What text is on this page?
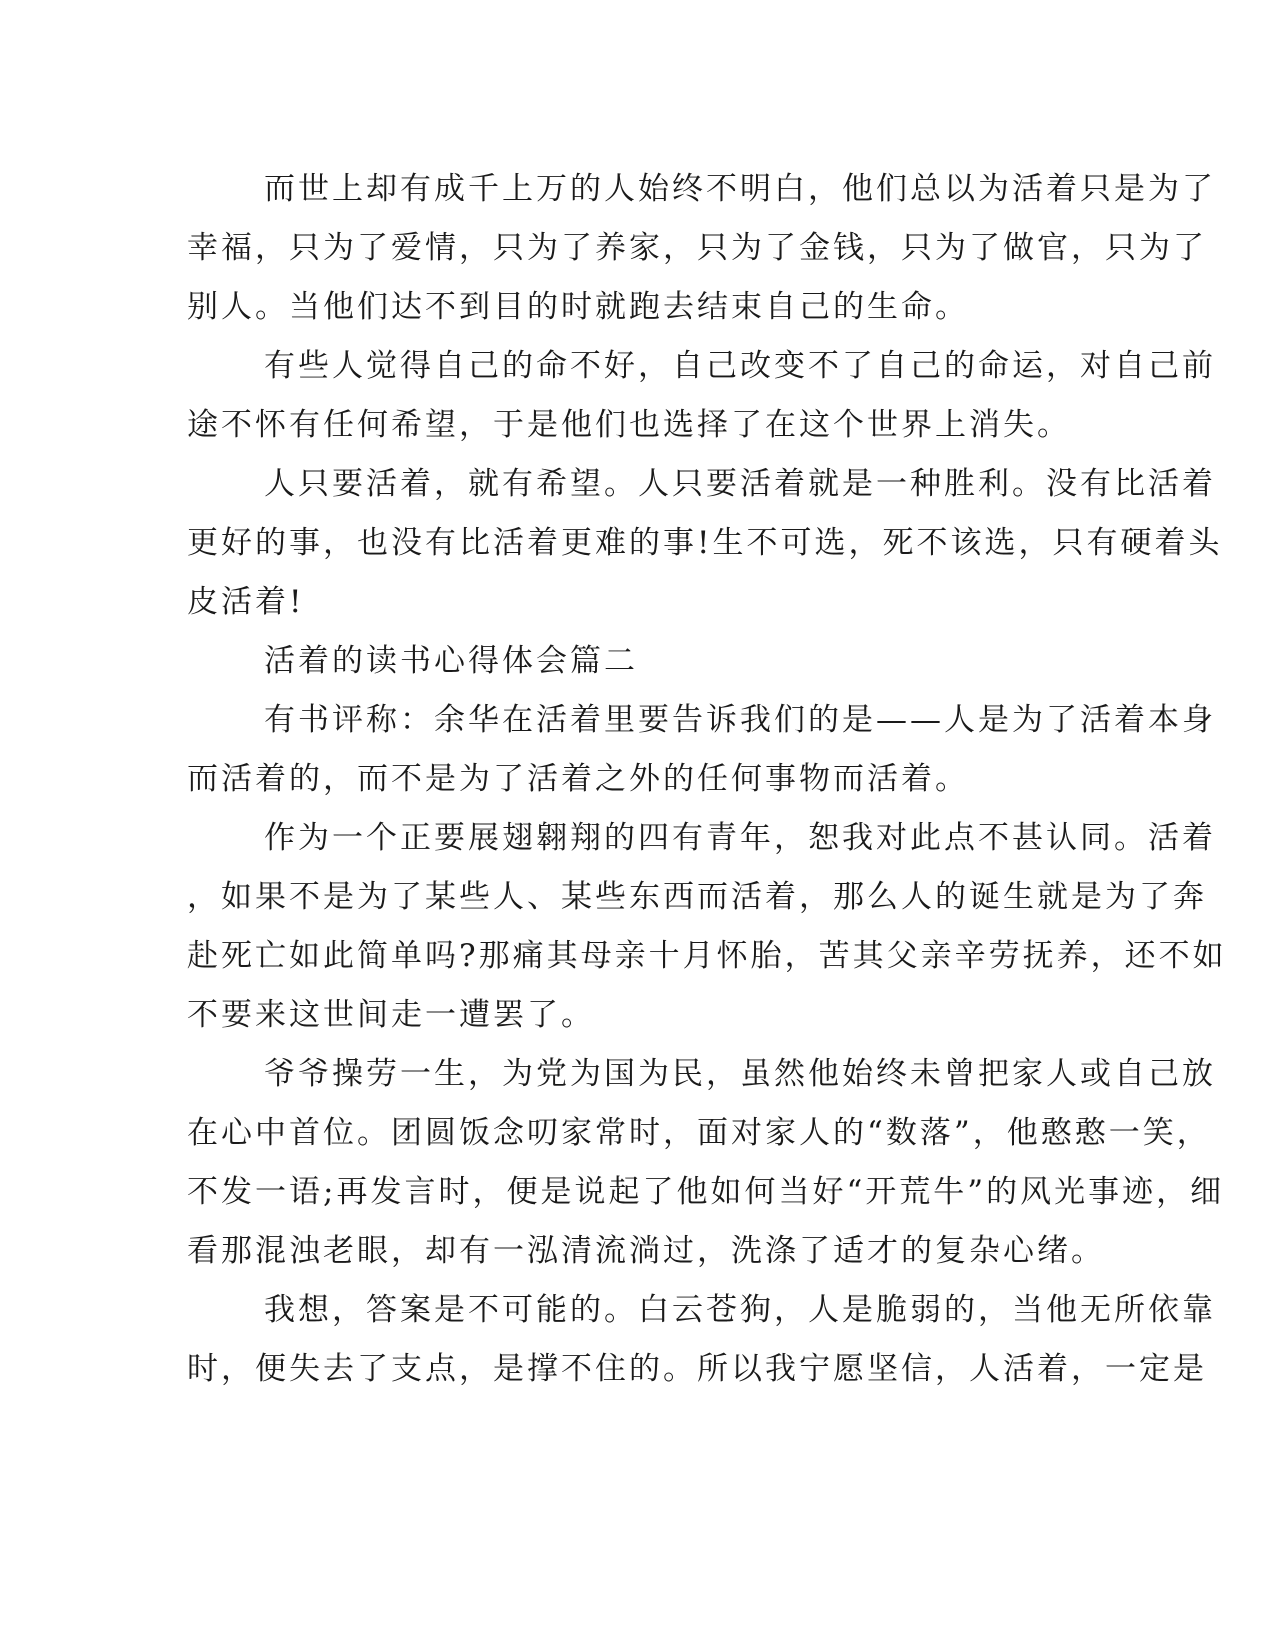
而世上却有成千上万的人始终不明白，他们总以为活着只是为了
幸福，只为了爱情，只为了养家，只为了金钱，只为了做官，只为了
别人。当他们达不到目的时就跑去结束自己的生命。
有些人觉得自己的命不好，自己改变不了自己的命运，对自己前
途不怀有任何希望，于是他们也选择了在这个世界上消失。
人只要活着，就有希望。人只要活着就是一种胜利。没有比活着
更好的事，也没有比活着更难的事!生不可选，死不该选，只有硬着头
皮活着!
活着的读书心得体会篇二
有书评称：余华在活着里要告诉我们的是——人是为了活着本身
而活着的，而不是为了活着之外的任何事物而活着。
作为一个正要展翅翱翔的四有青年，恕我对此点不甚认同。活着
，如果不是为了某些人、某些东西而活着，那么人的诞生就是为了奔
赴死亡如此简单吗?那痛其母亲十月怀胎，苦其父亲辛劳抚养，还不如
不要来这世间走一遭罢了。
爷爷操劳一生，为党为国为民，虽然他始终未曾把家人或自己放
在心中首位。团圆饭念叨家常时，面对家人的“数落”，他憨憨一笑，
不发一语;再发言时，便是说起了他如何当好“开荒牛”的风光事迹，细
看那混浊老眼，却有一泓清流淌过，洗涤了适才的复杂心绪。
我想，答案是不可能的。白云苍狗，人是脆弱的，当他无所依靠
时，便失去了支点，是撑不住的。所以我宁愿坚信，人活着，一定是
